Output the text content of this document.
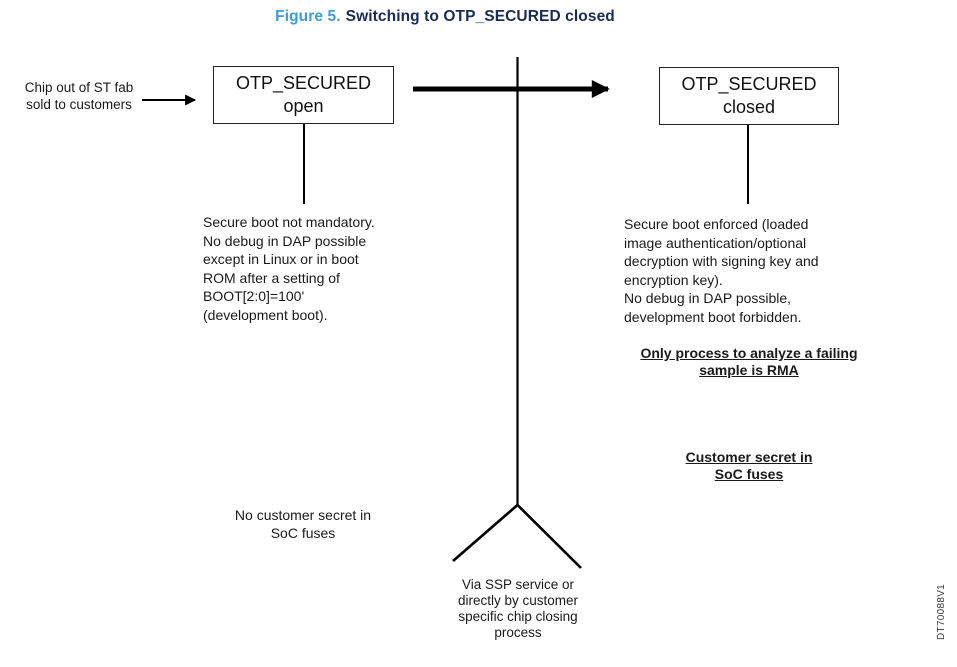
Figure 5. Switching to OTP_SECURED closed
Chip out of ST fab
sold to customers
OTP_SECURED
open
OTP_SECURED
closed
Secure boot not mandatory.
No debug in DAP possible
except in Linux or in boot
ROM after a setting of
BOOT[2:0]=100'
(development boot).
Secure boot enforced (loaded
image authentication/optional
decryption with signing key and
encryption key).
No debug in DAP possible,
development boot forbidden.
Only process to analyze a failing
sample is RMA
Customer secret in
SoC fuses
No customer secret in
SoC fuses
Via SSP service or
directly by customer
specific chip closing
process	DT70088V1
